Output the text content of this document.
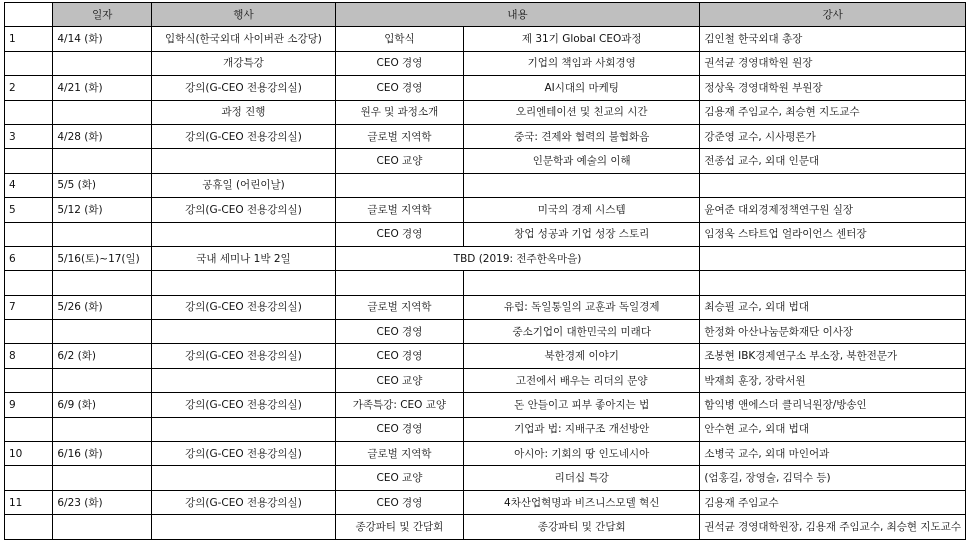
	일자	행사	내용		강사
1	4/14 (화)	입학식(한국외대 사이버관 소강당)	입학식	제 31기 Global CEO과정	김인철 한국외대 총장
		개강특강	CEO 경영	기업의 책임과 사회경영	권석균 경영대학원 원장
2	4/21 (화)	강의(G-CEO 전용강의실)	CEO 경영	AI시대의 마케팅	정상욱 경영대학원 부원장
		과정 진행	원우 및 과정소개	오리엔테이션 및 친교의 시간	김용재 주임교수, 최승현 지도교수
3	4/28 (화)	강의(G-CEO 전용강의실)	글로벌 지역학	중국: 견제와 협력의 불협화음	강준영 교수, 시사평론가
			CEO 교양	인문학과 예술의 이해	전종섭 교수, 외대 인문대
4	5/5 (화)	공휴일 (어린이날)			
5	5/12 (화)	강의(G-CEO 전용강의실)	글로벌 지역학	미국의 경제 시스템	윤여준 대외경제정책연구원 실장
			CEO 경영	창업 성공과 기업 성장 스토리	임정욱 스타트업 얼라이언스 센터장
6	5/16(토)~17(일)	국내 세미나 1박 2일	TBD (2019: 전주한옥마을)		

7	5/26 (화)	강의(G-CEO 전용강의실)	글로벌 지역학	유럽: 독일통일의 교훈과 독일경제	최승필 교수, 외대 법대
			CEO 경영	중소기업이 대한민국의 미래다	한정화 아산나눔문화재단 이사장
8	6/2 (화)	강의(G-CEO 전용강의실)	CEO 경영	북한경제 이야기	조봉현 IBK경제연구소 부소장, 북한전문가
			CEO 교양	고전에서 배우는 리더의 문양	박재희 훈장, 장락서원
9	6/9 (화)	강의(G-CEO 전용강의실)	가족특강: CEO 교양	돈 안들이고 피부 좋아지는 법	함익병 앤에스더 클리닉원장/방송인
			CEO 경영	기업과 법: 지배구조 개선방안	안수현 교수, 외대 법대
10	6/16 (화)	강의(G-CEO 전용강의실)	글로벌 지역학	아시아: 기회의 땅 인도네시아	소병국 교수, 외대 마인어과
			CEO 교양	리더십 특강	(엄홍길, 장영술, 김덕수 등)
11	6/23 (화)	강의(G-CEO 전용강의실)	CEO 경영	4차산업혁명과 비즈니스모델 혁신	김용재 주임교수
			종강파티 및 간담회	종강파티 및 간담회	권석균 경영대학원장, 김용재 주임교수, 최승현 지도교수
